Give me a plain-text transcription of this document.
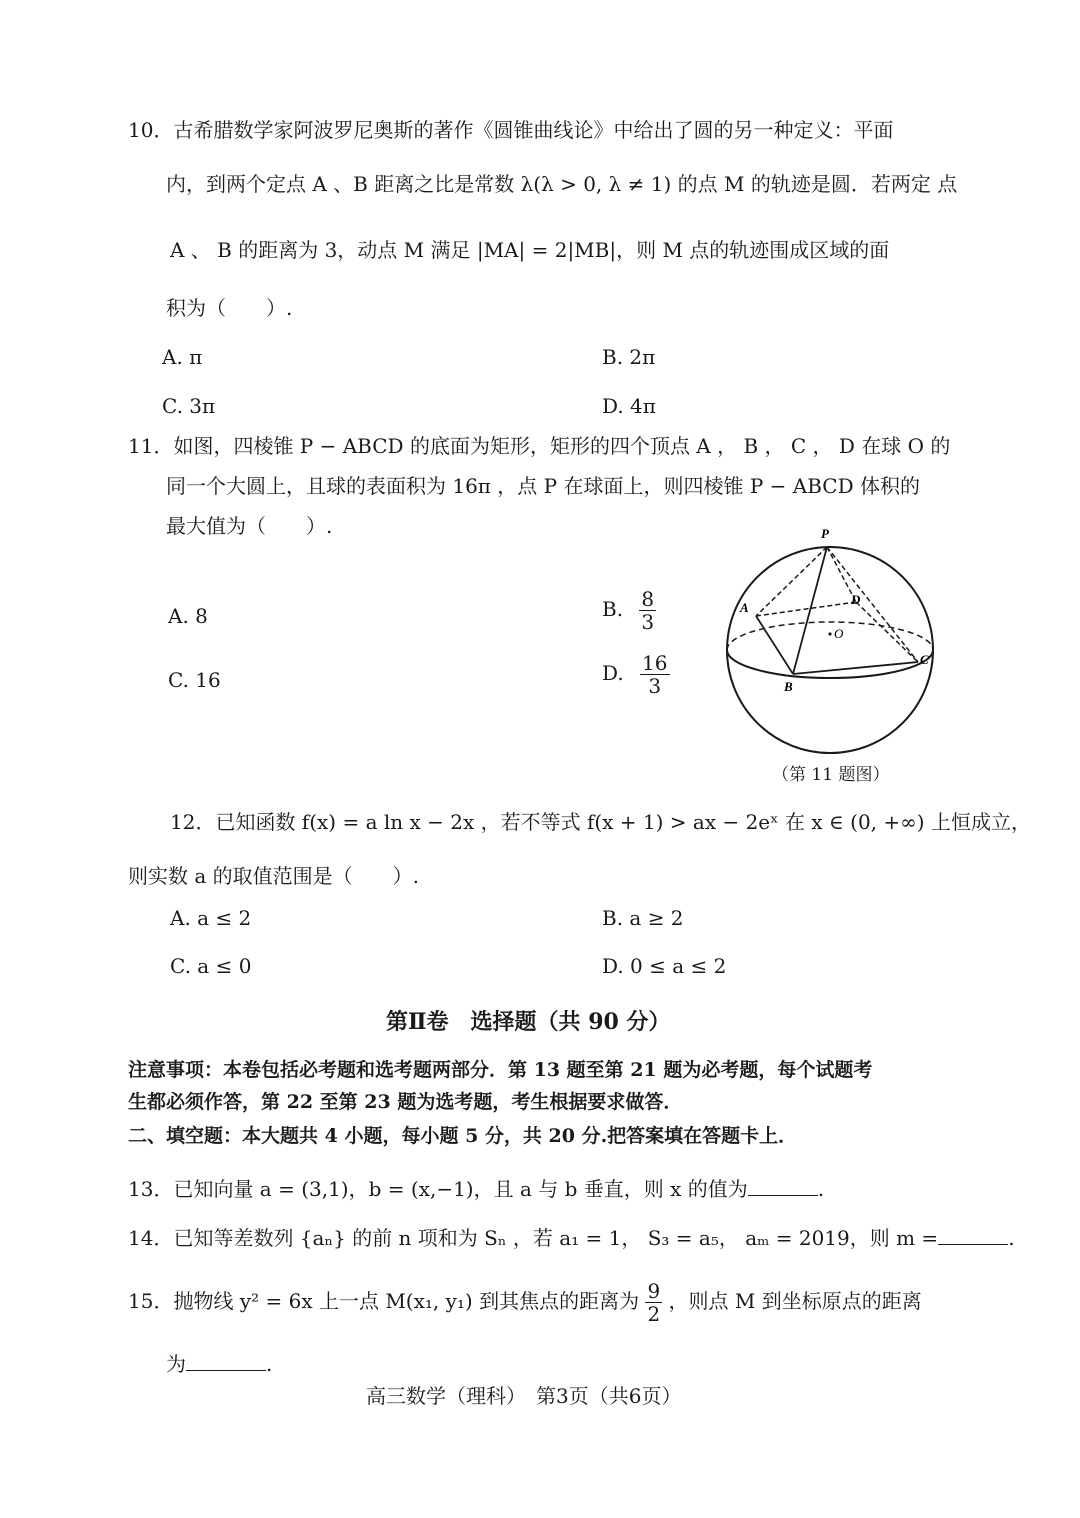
10．古希腊数学家阿波罗尼奥斯的著作《圆锥曲线论》中给出了圆的另一种定义：平面
内，到两个定点 A 、B 距离之比是常数 λ(λ > 0, λ ≠ 1) 的点 M 的轨迹是圆．若两定 点
A 、 B 的距离为 3，动点 M 满足 |MA| = 2|MB|，则 M 点的轨迹围成区域的面
积为（　　）.
A. π	B. 2π
C. 3π	D. 4π
11．如图，四棱锥 P − ABCD 的底面为矩形，矩形的四个顶点 A ， B ， C ， D 在球 O 的
同一个大圆上，且球的表面积为 16π ，点 P 在球面上，则四棱锥 P − ABCD 体积的
最大值为（　　）.
A. 8	B. $\frac{8}{3}$
C. 16	D. $\frac{16}{3}$
P
A
B
C
D
O
（第 11 题图）
12．已知函数 f(x) = a ln x − 2x ，若不等式 f(x + 1) > ax − 2eˣ 在 x ∈ (0, +∞) 上恒成立，
则实数 a 的取值范围是（　　）.
A. a ≤ 2	B. a ≥ 2
C. a ≤ 0	D. 0 ≤ a ≤ 2
第Ⅱ卷　选择题（共 90 分）
注意事项：本卷包括必考题和选考题两部分．第 13 题至第 21 题为必考题，每个试题考
生都必须作答，第 22 至第 23 题为选考题，考生根据要求做答．
二、填空题：本大题共 4 小题，每小题 5 分，共 20 分.把答案填在答题卡上．
13．已知向量 a = (3,1)，b = (x,−1)，且 a 与 b 垂直，则 x 的值为	.
14．已知等差数列 {aₙ} 的前 n 项和为 Sₙ ，若 a₁ = 1， S₃ = a₅， aₘ = 2019，则 m =	.
15．抛物线 y² = 6x 上一点 M(x₁, y₁) 到其焦点的距离为 $\frac{9}{2}$ ，则点 M 到坐标原点的距离
为	.
高三数学（理科）　第3页（共6页）
